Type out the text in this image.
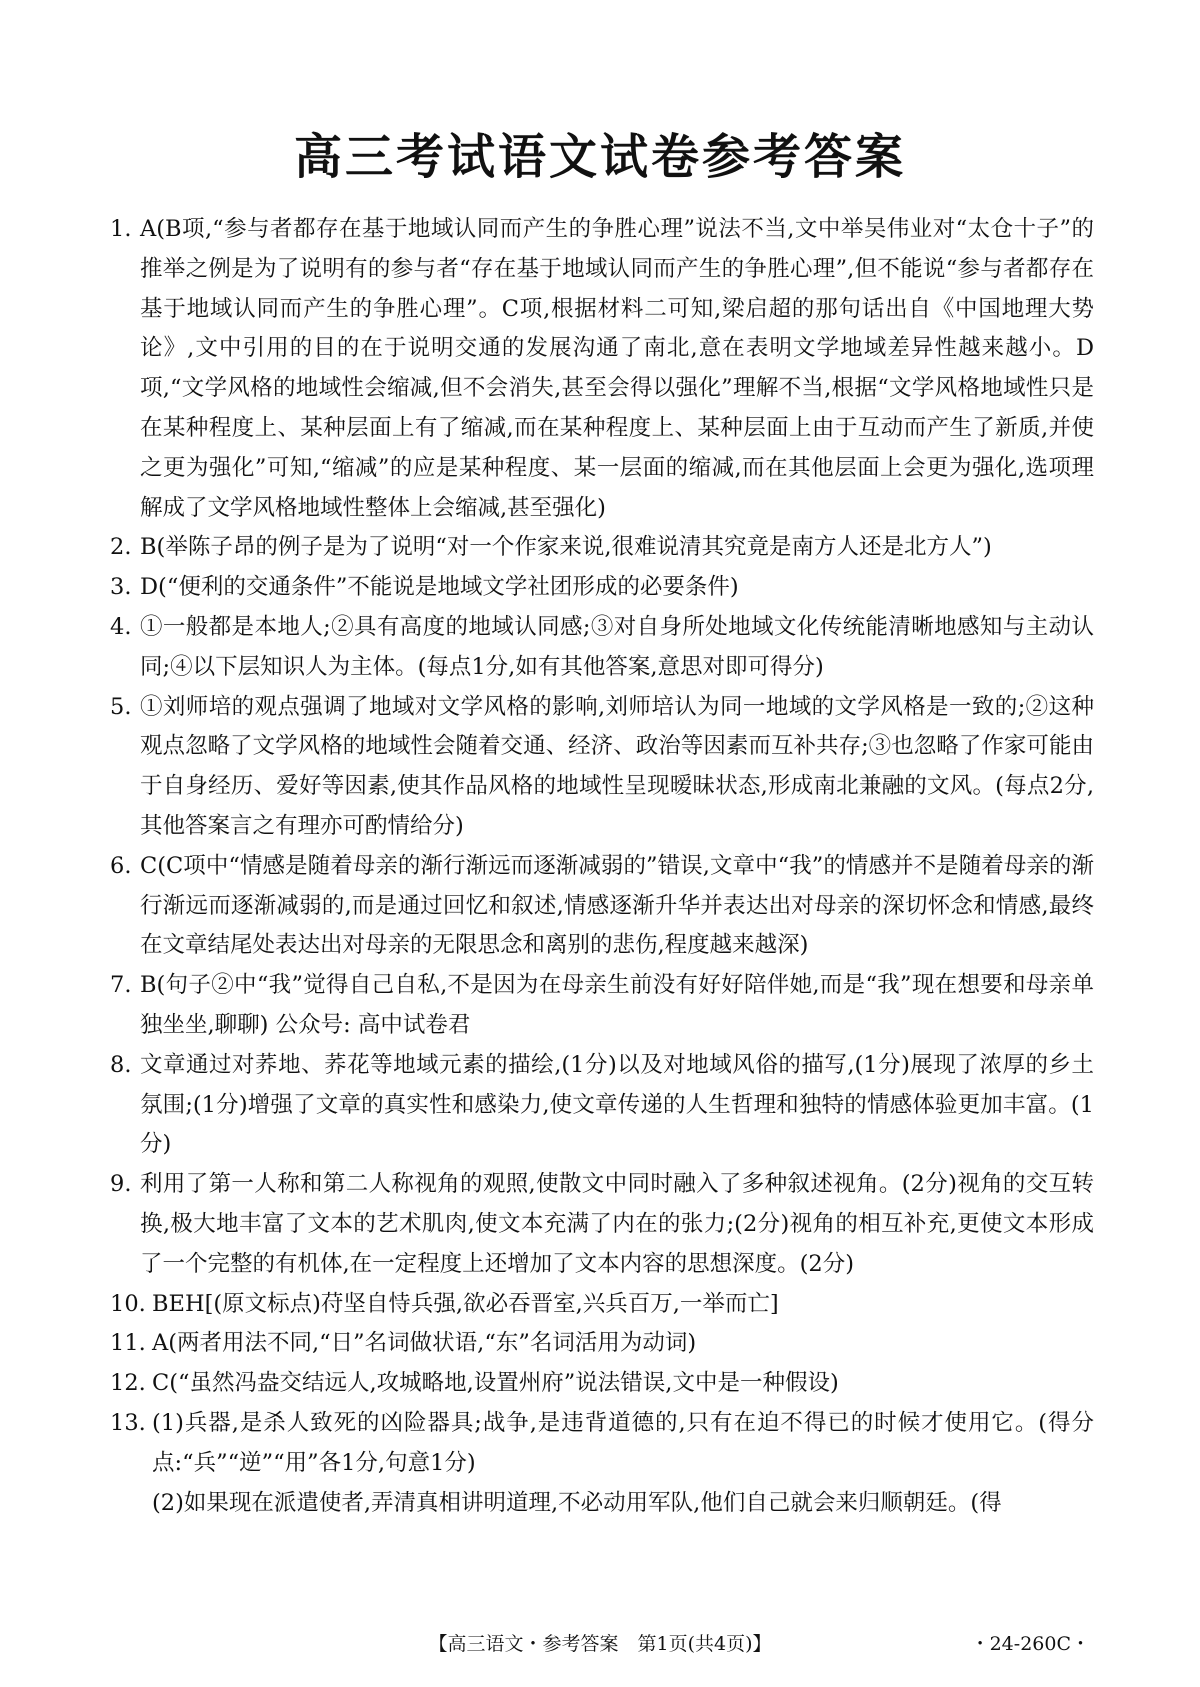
高三考试语文试卷参考答案
1. A(B项,“参与者都存在基于地域认同而产生的争胜心理”说法不当,文中举吴伟业对“太仓十子”的推举之例是为了说明有的参与者“存在基于地域认同而产生的争胜心理”,但不能说“参与者都存在基于地域认同而产生的争胜心理”。C项,根据材料二可知,梁启超的那句话出自《中国地理大势论》,文中引用的目的在于说明交通的发展沟通了南北,意在表明文学地域差异性越来越小。D项,“文学风格的地域性会缩减,但不会消失,甚至会得以强化”理解不当,根据“文学风格地域性只是在某种程度上、某种层面上有了缩减,而在某种程度上、某种层面上由于互动而产生了新质,并使之更为强化”可知,“缩减”的应是某种程度、某一层面的缩减,而在其他层面上会更为强化,选项理解成了文学风格地域性整体上会缩减,甚至强化)
2. B(举陈子昂的例子是为了说明“对一个作家来说,很难说清其究竟是南方人还是北方人”)
3. D(“便利的交通条件”不能说是地域文学社团形成的必要条件)
4. ①一般都是本地人;②具有高度的地域认同感;③对自身所处地域文化传统能清晰地感知与主动认同;④以下层知识人为主体。(每点1分,如有其他答案,意思对即可得分)
5. ①刘师培的观点强调了地域对文学风格的影响,刘师培认为同一地域的文学风格是一致的;②这种观点忽略了文学风格的地域性会随着交通、经济、政治等因素而互补共存;③也忽略了作家可能由于自身经历、爱好等因素,使其作品风格的地域性呈现暧昧状态,形成南北兼融的文风。(每点2分,其他答案言之有理亦可酌情给分)
6. C(C项中“情感是随着母亲的渐行渐远而逐渐减弱的”错误,文章中“我”的情感并不是随着母亲的渐行渐远而逐渐减弱的,而是通过回忆和叙述,情感逐渐升华并表达出对母亲的深切怀念和情感,最终在文章结尾处表达出对母亲的无限思念和离别的悲伤,程度越来越深)
7. B(句子②中“我”觉得自己自私,不是因为在母亲生前没有好好陪伴她,而是“我”现在想要和母亲单独坐坐,聊聊) 公众号: 高中试卷君
8. 文章通过对荞地、荞花等地域元素的描绘,(1分)以及对地域风俗的描写,(1分)展现了浓厚的乡土氛围;(1分)增强了文章的真实性和感染力,使文章传递的人生哲理和独特的情感体验更加丰富。(1分)
9. 利用了第一人称和第二人称视角的观照,使散文中同时融入了多种叙述视角。(2分)视角的交互转换,极大地丰富了文本的艺术肌肉,使文本充满了内在的张力;(2分)视角的相互补充,更使文本形成了一个完整的有机体,在一定程度上还增加了文本内容的思想深度。(2分)
10. BEH[(原文标点)苻坚自恃兵强,欲必吞晋室,兴兵百万,一举而亡]
11. A(两者用法不同,“日”名词做状语,“东”名词活用为动词)
12. C(“虽然冯盎交结远人,攻城略地,设置州府”说法错误,文中是一种假设)
13. (1)兵器,是杀人致死的凶险器具;战争,是违背道德的,只有在迫不得已的时候才使用它。(得分点:“兵”“逆”“用”各1分,句意1分)
(2)如果现在派遣使者,弄清真相讲明道理,不必动用军队,他们自己就会来归顺朝廷。(得
【高三语文・参考答案　第1页(共4页)】	・24-260C・
